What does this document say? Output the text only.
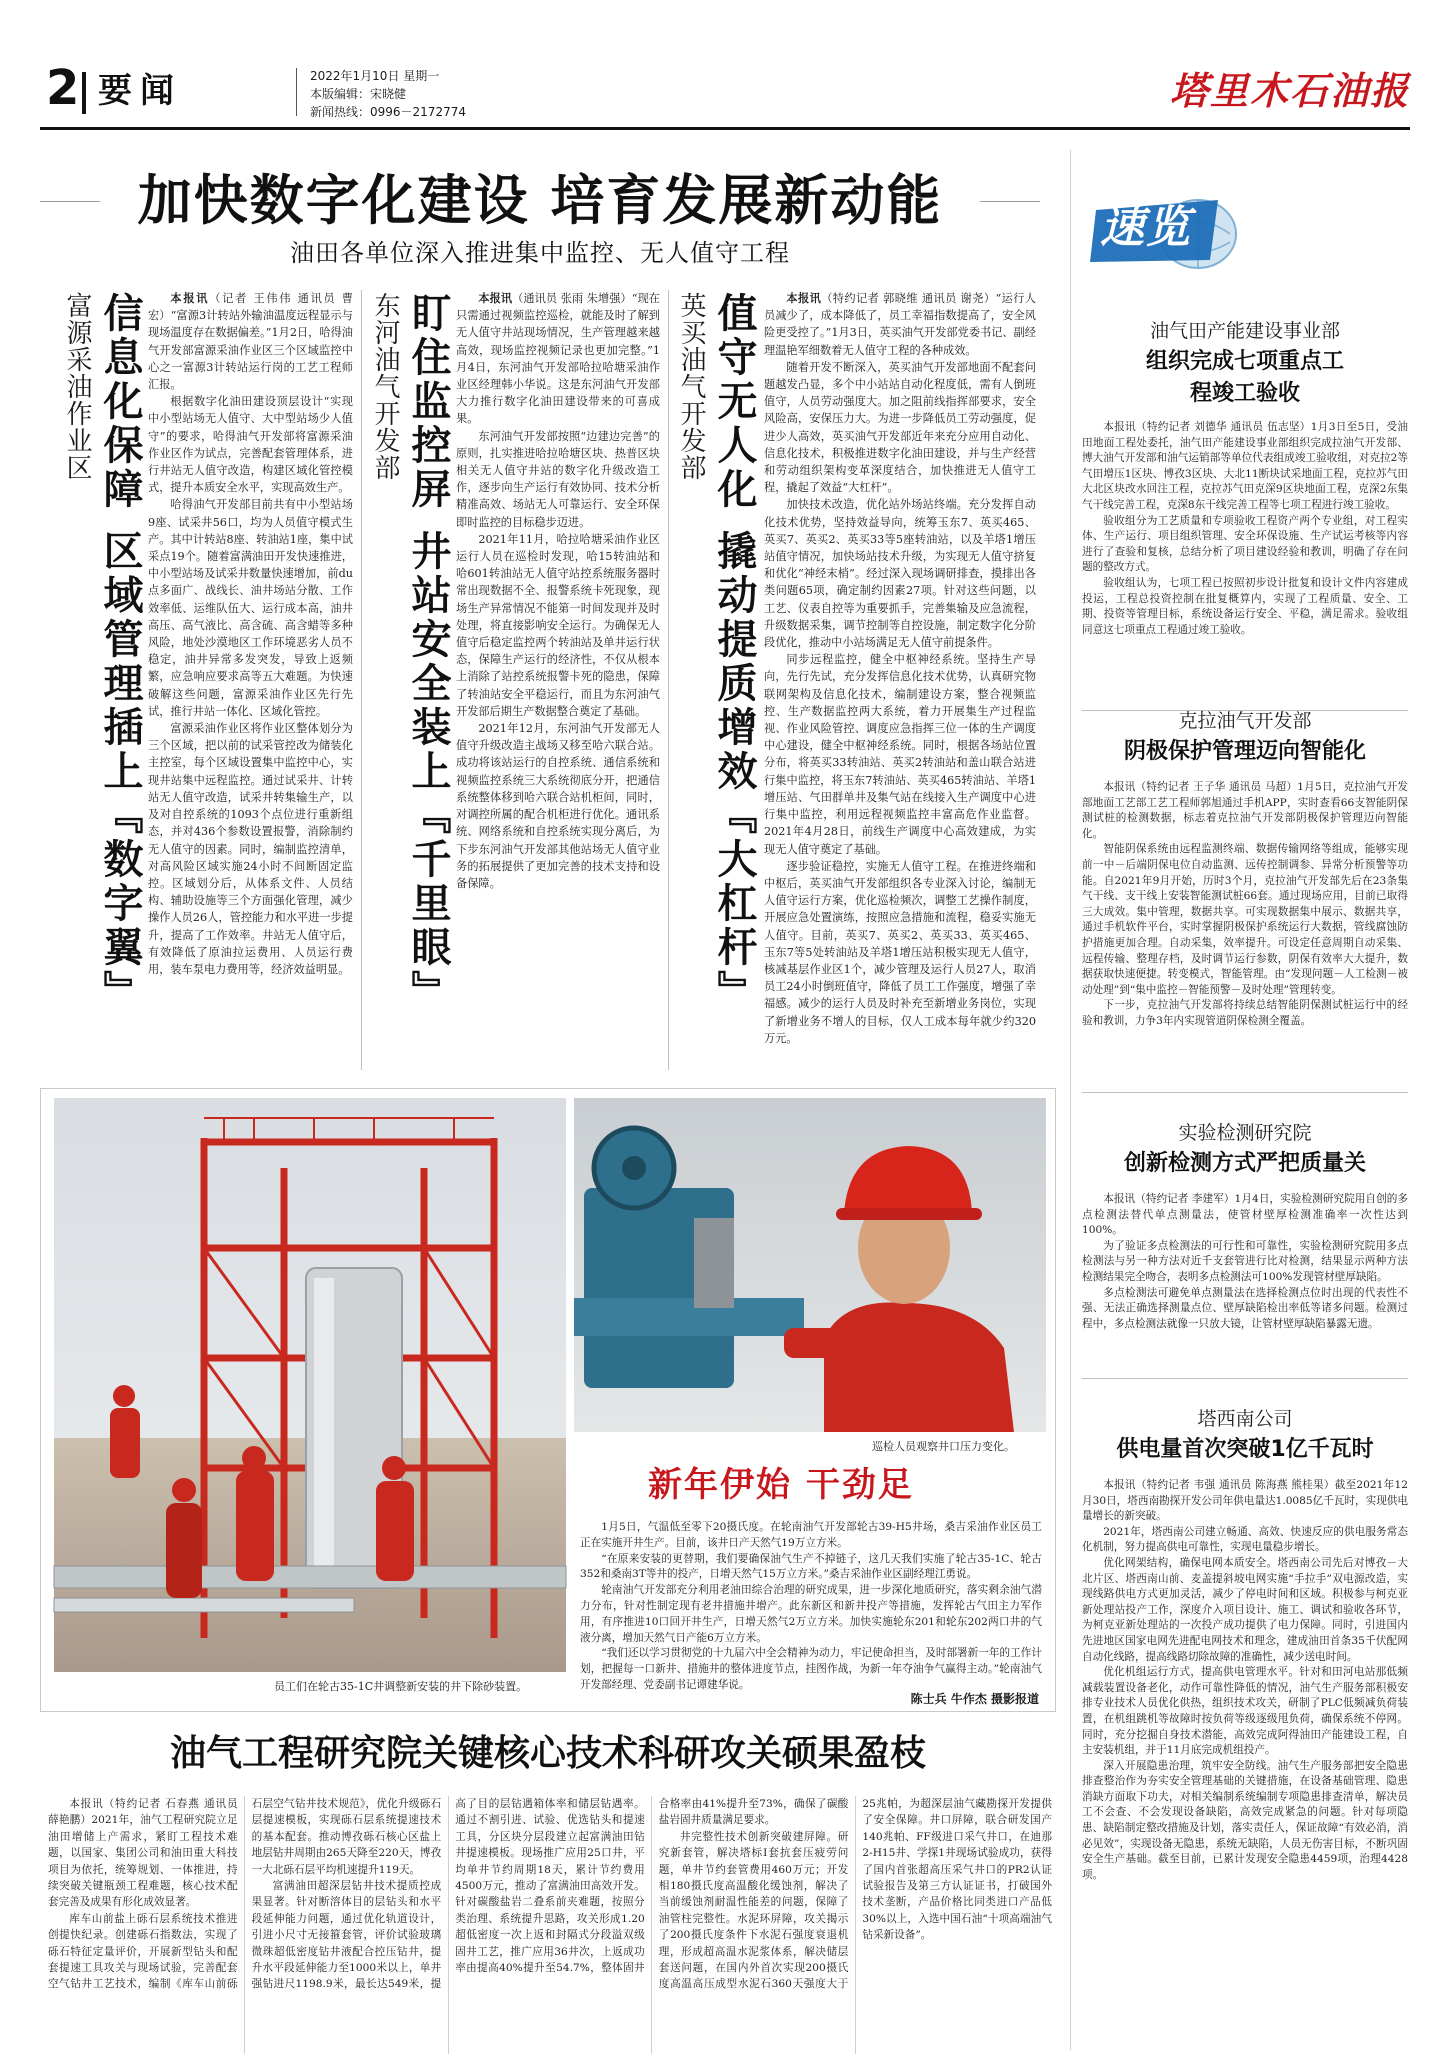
2 要闻	2022年1月10日 星期一
本版编辑：宋晓健
新闻热线：0996－2172774	塔里木石油报
加快数字化建设 培育发展新动能
油田各单位深入推进集中监控、无人值守工程
富源采油作业区 信息化保障 区域管理插上『数字翼』	本报讯（记者 王伟伟 通讯员 曹宏）“富源3计转站外输油温度远程显示与现场温度存在数据偏差。”1月2日，哈得油气开发部富源采油作业区三个区域监控中心之一富源3计转站运行岗的工艺工程师汇报。

根据数字化油田建设顶层设计“实现中小型站场无人值守、大中型站场少人值守”的要求，哈得油气开发部将富源采油作业区作为试点，完善配套管理体系，进行井站无人值守改造，构建区域化管控模式，提升本质安全水平，实现高效生产。

哈得油气开发部目前共有中小型站场9座、试采井56口，均为人员值守模式生产。其中计转站8座、转油站1座，集中试采点19个。随着富满油田开发快速推进，中小型站场及试采井数量快速增加，前du点多面广、战线长、油井场站分散、工作效率低、运维队伍大、运行成本高，油井高压、高气液比、高含硫、高含蜡等多种风险，地处沙漠地区工作环境恶劣人员不稳定，油井异常多发突发，导致上返频繁，应急响应要求高等五大难题。为快速破解这些问题，富源采油作业区先行先试，推行井站一体化、区域化管控。

富源采油作业区将作业区整体划分为三个区域，把以前的试采管控改为储装化主控室，每个区域设置集中监控中心，实现井站集中远程监控。通过试采井、计转站无人值守改造，试采井转集输生产，以及对自控系统的1093个点位进行重新组态，并对436个参数设置报警，消除制约无人值守的因素。同时，编制监控清单，对高风险区域实施24小时不间断固定监控。区域划分后，从体系文件、人员结构、辅助设施等三个方面强化管理，减少操作人员26人，管控能力和水平进一步提升，提高了工作效率。井站无人值守后，有效降低了原油拉运费用、人员运行费用，装车泵电力费用等，经济效益明显。

东河油气开发部 盯住监控屏 井站安全装上『千里眼』	本报讯（通讯员 张雨 朱增强）“现在只需通过视频监控巡检，就能及时了解到无人值守井站现场情况，生产管理越来越高效，现场监控视频记录也更加完整。”1月4日，东河油气开发部哈拉哈塘采油作业区经理韩小华说。这是东河油气开发部大力推行数字化油田建设带来的可喜成果。

东河油气开发部按照“边建边完善”的原则，扎实推进哈拉哈塘区块、热普区块相关无人值守井站的数字化升级改造工作，逐步向生产运行有效协同、技术分析精准高效、场站无人可靠运行、安全环保即时监控的目标稳步迈进。

2021年11月，哈拉哈塘采油作业区运行人员在巡检时发现，哈15转油站和哈601转油站无人值守站控系统服务器时常出现数据不全、报警系统卡死现象，现场生产异常情况不能第一时间发现并及时处理，将直接影响安全运行。为确保无人值守后稳定监控两个转油站及单井运行状态，保障生产运行的经济性，不仅从根本上消除了站控系统报警卡死的隐患，保障了转油站安全平稳运行，而且为东河油气开发部后期生产数据整合奠定了基础。

2021年12月，东河油气开发部无人值守升级改造主战场又移至哈六联合站。成功将该站运行的自控系统、通信系统和视频监控系统三大系统彻底分开，把通信系统整体移到哈六联合站机柜间，同时，对调控所属的配合机柜进行优化。通讯系统、网络系统和自控系统实现分离后，为下步东河油气开发部其他站场无人值守业务的拓展提供了更加完善的技术支持和设备保障。

英买油气开发部 值守无人化 撬动提质增效『大杠杆』	本报讯（特约记者 郭晓维 通讯员 谢尧）“运行人员减少了，成本降低了，员工幸福指数提高了，安全风险更受控了。”1月3日，英买油气开发部党委书记、副经理温艳军细数着无人值守工程的各种成效。

随着开发不断深入，英买油气开发部地面不配套问题越发凸显，多个中小站站自动化程度低，需有人倒班值守，人员劳动强度大。加之阻前线指挥部要求，安全风险高，安保压力大。为进一步降低员工劳动强度，促进少人高效，英买油气开发部近年来充分应用自动化、信息化技术，积极推进数字化油田建设，并与生产经营和劳动组织架构变革深度结合，加快推进无人值守工程，撬起了效益“大杠杆”。

加快技术改造，优化站外场站终端。充分发挥自动化技术优势，坚持效益导向，统筹玉东7、英买465、英买7、英买2、英买33等5座转油站，以及羊塔1增压站值守情况，加快场站技术升级，为实现无人值守挤复和优化“神经末梢”。经过深入现场调研排查，摸排出各类问题65项，确定制约因素27项。针对这些问题，以工艺、仪表自控等为重要抓手，完善集输及应急流程，升级数据采集，调节控制等自控设施，制定数字化分阶段优化，推动中小站场满足无人值守前提条件。

同步远程监控，健全中枢神经系统。坚持生产导向，先行先试，充分发挥信息化技术优势，认真研究物联网架构及信息化技术，编制建设方案，整合视频监控、生产数据监控两大系统，着力开展集生产过程监视、作业风险管控、调度应急指挥三位一体的生产调度中心建设，健全中枢神经系统。同时，根据各场站位置分布，将英买33转油站、英买2转油站和盖山联合站进行集中监控，将玉东7转油站、英买465转油站、羊塔1增压站、气田群单井及集气站在线接入生产调度中心进行集中监控，利用远程视频监控丰富高危作业监督。2021年4月28日，前线生产调度中心高效建成，为实现无人值守奠定了基础。

逐步验证稳控，实施无人值守工程。在推进终端和中枢后，英买油气开发部组织各专业深入讨论，编制无人值守运行方案，优化巡检频次，调整工艺操作制度，开展应急处置演练，按照应急措施和流程，稳妥实施无人值守。目前，英买7、英买2、英买33、英买465、玉东7等5处转油站及羊塔1增压站积极实现无人值守，核减基层作业区1个，减少管理及运行人员27人，取消员工24小时倒班值守，降低了员工工作强度，增强了幸福感。减少的运行人员及时补充至新增业务岗位，实现了新增业务不增人的目标，仅人工成本每年就少约320万元。

员工们在轮古35-1C井调整新安装的井下除砂装置。
巡检人员观察井口压力变化。
新年伊始 干劲足

1月5日，气温低至零下20摄氏度。在轮南油气开发部轮古39-H5井场，桑吉采油作业区员工正在实施开井生产。目前，该井日产天然气19万立方米。

“在原来安装的更替期，我们要确保油气生产不掉链子，这几天我们实施了轮古35-1C、轮古352和桑南3T等井的投产，日增天然气15万立方米。”桑吉采油作业区副经理江勇说。

轮南油气开发部充分利用老油田综合治理的研究成果，进一步深化地质研究，落实剩余油气潜力分布，针对性制定现有老井措施井增产。此东新区和新井投产等措施，发挥轮古气田主力军作用，有序推进10口回开井生产，日增天然气2万立方米。加快实施轮东201和轮东202两口井的气液分离，增加天然气日产能6万立方米。

“我们还以学习贯彻党的十九届六中全会精神为动力，牢记使命担当，及时部署新一年的工作计划，把握每一口新井、措施井的整体进度节点，挂图作战，为新一年夺油争气赢得主动。”轮南油气开发部经理、党委副书记谭建华说。

陈士兵 牛作杰 摄影报道
油气工程研究院关键核心技术科研攻关硕果盈枝

本报讯（特约记者 石春燕 通讯员 薛艳鹏）2021年，油气工程研究院立足油田增储上产需求，紧盯工程技术难题，以国家、集团公司和油田重大科技项目为依托，统筹规划、一体推进，持续突破关键瓶颈工程难题，核心技术配套完善及成果有形化成效显著。

库车山前盐上砾石层系统技术推进创提快纪录。创建砾石指数法，实现了砾石特征定量评价，开展新型钻头和配套提速工具攻关与现场试验，完善配套空气钻井工艺技术，编制《库车山前砾石层空气钻井技术规范》，优化升级砾石层提速模板，实现砾石层系统提速技术的基本配套。推动博孜砾石核心区盐上地层钻井周期由265天降至220天，博孜一大北砾石层平均机速提升119天。

富满油田超深层钻井技术提质控成果显著。针对断溶体目的层钻头和水平段延伸能力问题，通过优化轨道设计，引进小尺寸无接箍套管，评价试验玻璃微珠超低密度钻井液配合控压钻井，提升水平段延伸能力至1000米以上，单井强钻进尺1198.9米，最长达549米，提高了目的层钻遇箱体率和储层钻遇率。通过不割引进、试验、优选钻头和提速工具，分区块分层段建立起富满油田钻井提速模板。现场推广应用25口井，平均单井节约周期18天，累计节约费用4500万元，推动了富满油田高效开发。针对碳酸盐岩二叠系前夹难题，按照分类治理、系统提升思路，攻关形成1.20超低密度一次上返和封隔式分段溢双级固井工艺，推广应用36井次，上返成功率由提高40%提升至54.7%，整体固井合格率由41%提升至73%，确保了碳酸盐岩固井质量满足要求。

井完整性技术创新突破建屏障。研究新套管，解决塔标Ⅰ套抗套压疲劳问题，单井节约套管费用460万元；开发相180摄氏度高温酸化缓蚀剂，解决了当前缓蚀剂耐温性能差的问题，保障了油管柱完整性。水泥环屏障，攻关揭示了200摄氏度条件下水泥石强度衰退机理，形成超高温水泥浆体系，解决储层套送问题，在国内外首次实现200摄氏度高温高压成型水泥石360天强度大于25兆帕，为超深层油气藏勘探开发提供了安全保障。井口屏障，联合研发国产140兆帕、FF级进口采气井口，在迪那2-H15井、学探1井现场试验成功，获得了国内首张超高压采气井口的PR2认证试验报告及第三方认证证书，打破国外技术垄断，产品价格比同类进口产品低30%以上，入选中国石油“十项高端油气钻采新设备”。

速览
油气田产能建设事业部
组织完成七项重点工程竣工验收

本报讯（特约记者 刘德华 通讯员 伍志坚）1月3日至5日，受油田地面工程处委托，油气田产能建设事业部组织完成拉油气开发部、博大油气开发部和油气运销部等单位代表组成竣工验收组，对克拉2等气田增压1区块、博孜3区块、大北11断块试采地面工程，克拉苏气田大北区块改水回注工程，克拉苏气田克深9区块地面工程，克深2东集气干线完善工程，克深8东干线完善工程等七项工程进行竣工验收。

验收组分为工艺质量和专项验收工程资产两个专业组，对工程实体、生产运行、项目组织管理、安全环保设施、生产试运考核等内容进行了查验和复核，总结分析了项目建设经验和教训，明确了存在问题的整改方式。

验收组认为，七项工程已按照初步设计批复和设计文件内容建成投运，工程总投资控制在批复概算内，实现了工程质量、安全、工期、投资等管理目标，系统设备运行安全、平稳，满足需求。验收组同意这七项重点工程通过竣工验收。

克拉油气开发部
阴极保护管理迈向智能化

本报讯（特约记者 王子华 通讯员 马超）1月5日，克拉油气开发部地面工艺部工艺工程师郭旭通过手机APP，实时查看66支智能阴保测试桩的检测数据，标志着克拉油气开发部阴极保护管理迈向智能化。

智能阴保系统由远程监测终端、数据传输网络等组成，能够实现前一中－后端阴保电位自动监测、远传控制调参、异常分析预警等功能。自2021年9月开始，历时3个月，克拉油气开发部先后在23条集气干线、支干线上安装智能测试桩66套。通过现场应用，目前已取得三大成效。集中管理，数据共享。可实现数据集中展示、数据共享，通过手机软件平台，实时掌握阴极保护系统运行大数据，管线腐蚀防护措施更加合理。自动采集，效率提升。可设定任意周期自动采集、远程传输、整理存档，及时调节运行参数，阴保有效率大大提升，数据获取快速便捷。转变模式，智能管理。由“发现问题－人工检测－被动处理”到“集中监控－智能预警－及时处理”管理转变。

下一步，克拉油气开发部将持续总结智能阴保测试桩运行中的经验和教训，力争3年内实现管道阴保检测全覆盖。

实验检测研究院
创新检测方式严把质量关

本报讯（特约记者 李建军）1月4日，实验检测研究院用自创的多点检测法替代单点测量法，使管材壁厚检测准确率一次性达到100%。

为了验证多点检测法的可行性和可靠性，实验检测研究院用多点检测法与另一种方法对近千支套管进行比对检测，结果显示两种方法检测结果完全吻合，表明多点检测法可100%发现管材壁厚缺陷。

多点检测法可避免单点测量法在选择检测点位时出现的代表性不强、无法正确选择测量点位、壁厚缺陷检出率低等诸多问题。检测过程中，多点检测法就像一只放大镜，让管材壁厚缺陷暴露无遗。

塔西南公司
供电量首次突破1亿千瓦时

本报讯（特约记者 韦强 通讯员 陈海燕 熊桂果）截至2021年12月30日，塔西南勘探开发公司年供电量达1.0085亿千瓦时，实现供电量增长的新突破。

2021年，塔西南公司建立畅通、高效、快速反应的供电服务常态化机制，努力提高供电可靠性，实现电量稳步增长。

优化网架结构，确保电网本质安全。塔西南公司先后对博孜－大北片区、塔西南山前、麦盖提斜坡电网实施“手拉手”双电源改造，实现线路供电方式更加灵活，减少了停电时间和区域。积极参与柯克亚新处理站投产工作，深度介入项目设计、施工、调试和验收各环节，为柯克亚新处理站的一次投产成功提供了电力保障。同时，引进国内先进地区国家电网先进配电网技术和理念，建成油田首条35千伏配网自动化线路，提高线路切除故障的准确性，减少送电时间。

优化机组运行方式，提高供电管理水平。针对和田河电站那低频减载装置设备老化，动作可靠性降低的情况，油气生产服务部积极安排专业技术人员优化供热，组织技术攻关，研制了PLC低频减负荷装置，在机组跳机等故障时按负荷等级逐级甩负荷，确保系统不停网。同时，充分挖掘自身技术潜能，高效完成阿得油田产能建设工程，自主安装机组，并于11月底完成机组投产。

深入开展隐患治理，筑牢安全防线。油气生产服务部把安全隐患排查整治作为夯实安全管理基础的关键措施，在设备基础管理、隐患消缺方面取下功夫，对相关编制系统编制专项隐患排查清单，解决员工不会查、不会发现设备缺陷，高效完成紧急的问题。针对每项隐患、缺陷制定整改措施及计划，落实责任人，保证故障“有效必消，消必见效”，实现设备无隐患，系统无缺陷，人员无伤害目标，不断巩固安全生产基础。截至目前，已累计发现安全隐患4459项，治理4428项。
